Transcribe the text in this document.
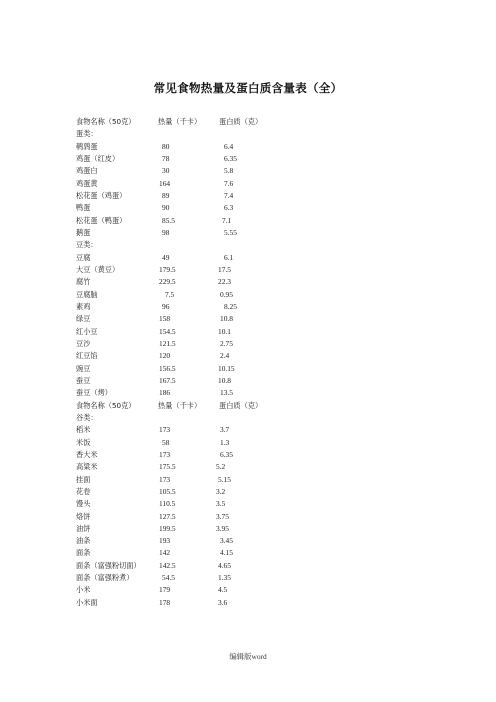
常见食物热量及蛋白质含量表（全）
食物名称（50克）	热量（千卡） 蛋白质（克）
蛋类：
鹌鹑蛋	80	6.4
鸡蛋（红皮）	78	6.35
鸡蛋白	30	5.8
鸡蛋黄	164	7.6
松花蛋（鸡蛋）	89	7.4
鸭蛋	90	6.3
松花蛋（鸭蛋）	85.5	7.1
鹅蛋	98	5.55
豆类：
豆腐	49	6.1
大豆（黄豆）	179.5	17.5
腐竹	229.5	22.3
豆腐脑	7.5	0.95
素鸡	96	8.25
绿豆	158	10.8
红小豆	154.5	10.1
豆沙	121.5	2.75
红豆馅	120	2.4
豌豆	156.5	10.15
蚕豆	167.5	10.8
蚕豆（烤）	186	13.5
食物名称（50克）	热量（千卡） 蛋白质（克）
谷类：
稻米	173	3.7
米饭	58	1.3
香大米	173	6.35
高粱米	175.5	5.2
挂面	173	5.15
花卷	105.5	3.2
馒头	110.5	3.5
烙饼	127.5	3.75
油饼	199.5	3.95
油条	193	3.45
面条	142	4.15
面条（富强粉切面） 142.5	4.65
面条（富强粉煮）	54.5	1.35
小米	179	4.5
小米面	178	3.6
编辑版word
